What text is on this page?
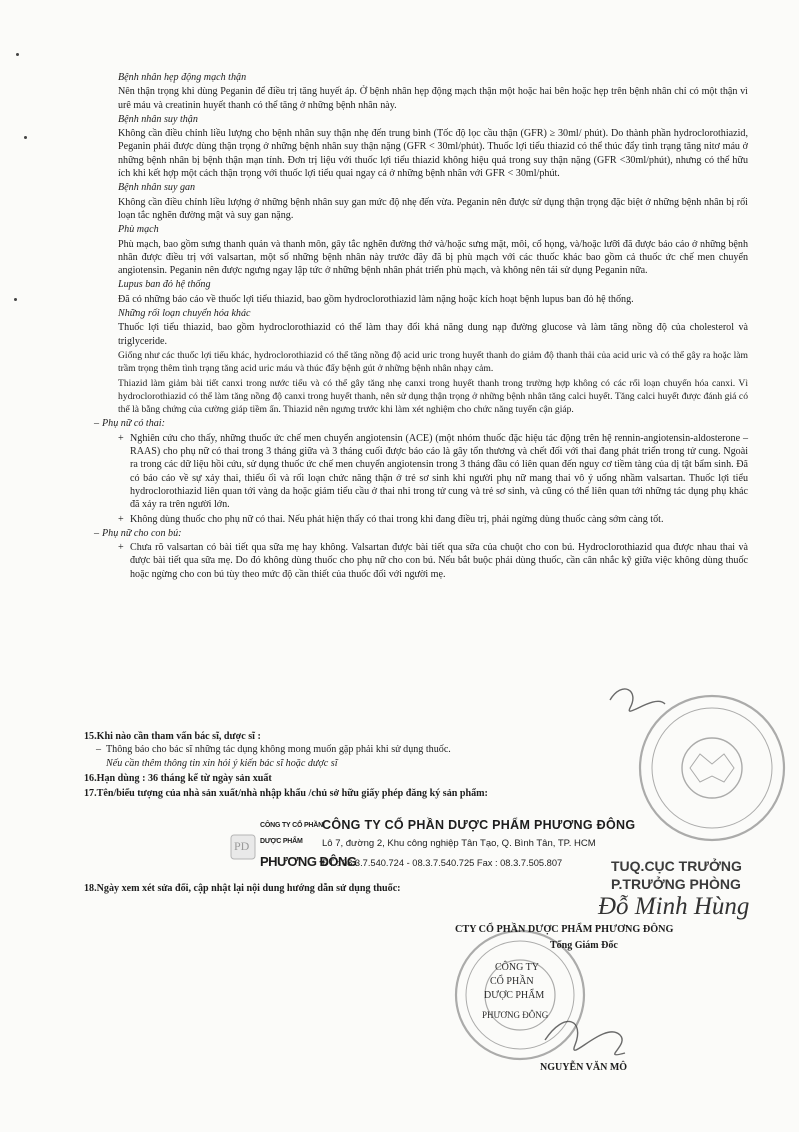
Bệnh nhân hẹp động mạch thận

Nên thận trọng khi dùng Peganin để điều trị tăng huyết áp. Ở bệnh nhân hẹp động mạch thận một hoặc hai bên hoặc hẹp trên bệnh nhân chỉ có một thận vì urê máu và creatinin huyết thanh có thể tăng ở những bệnh nhân này.

Bệnh nhân suy thận

Không cần điều chỉnh liều lượng cho bệnh nhân suy thận nhẹ đến trung bình (Tốc độ lọc cầu thận (GFR) ≥ 30ml/ phút). Do thành phần hydroclorothiazid, Peganin phải được dùng thận trọng ở những bệnh nhân suy thận nặng (GFR < 30ml/phút). Thuốc lợi tiểu thiazid có thể thúc đẩy tình trạng tăng nitơ máu ở những bệnh nhân bị bệnh thận mạn tính. Đơn trị liệu với thuốc lợi tiểu thiazid không hiệu quả trong suy thận nặng (GFR <30ml/phút), nhưng có thể hữu ích khi kết hợp một cách thận trọng với thuốc lợi tiểu quai ngay cả ở những bệnh nhân với GFR < 30ml/phút.

Bệnh nhân suy gan

Không cần điều chỉnh liều lượng ở những bệnh nhân suy gan mức độ nhẹ đến vừa. Peganin nên được sử dụng thận trọng đặc biệt ở những bệnh nhân bị rối loạn tắc nghẽn đường mật và suy gan nặng.

Phù mạch

Phù mạch, bao gồm sưng thanh quản và thanh môn, gây tắc nghẽn đường thở và/hoặc sưng mặt, môi, cổ họng, và/hoặc lưỡi đã được báo cáo ở những bệnh nhân được điều trị với valsartan, một số những bệnh nhân này trước đây đã bị phù mạch với các thuốc khác bao gồm cả thuốc ức chế men chuyển angiotensin. Peganin nên được ngưng ngay lập tức ở những bệnh nhân phát triển phù mạch, và không nên tái sử dụng Peganin nữa.

Lupus ban đỏ hệ thống

Đã có những báo cáo về thuốc lợi tiểu thiazid, bao gồm hydroclorothiazid làm nặng hoặc kích hoạt bệnh lupus ban đỏ hệ thống.

Những rối loạn chuyển hóa khác

Thuốc lợi tiểu thiazid, bao gồm hydroclorothiazid có thể làm thay đổi khả năng dung nạp đường glucose và làm tăng nồng độ của cholesterol và triglyceride.

Giống như các thuốc lợi tiểu khác, hydroclorothiazid có thể tăng nồng độ acid uric trong huyết thanh do giảm độ thanh thải của acid uric và có thể gây ra hoặc làm trầm trọng thêm tình trạng tăng acid uric máu và thúc đẩy bệnh gút ở những bệnh nhân nhạy cảm.

Thiazid làm giảm bài tiết canxi trong nước tiểu và có thể gây tăng nhẹ canxi trong huyết thanh trong trường hợp không có các rối loạn chuyển hóa canxi. Vì hydroclorothiazid có thể làm tăng nồng độ canxi trong huyết thanh, nên sử dụng thận trọng ở những bệnh nhân tăng calci huyết. Tăng calci huyết được đánh giá có thể là bằng chứng của cường giáp tiềm ẩn. Thiazid nên ngưng trước khi làm xét nghiệm cho chức năng tuyến cận giáp.

– Phụ nữ có thai:

+ Nghiên cứu cho thấy, những thuốc ức chế men chuyển angiotensin (ACE) (một nhóm thuốc đặc hiệu tác động trên hệ rennin-angiotensin-aldosterone – RAAS) cho phụ nữ có thai trong 3 tháng giữa và 3 tháng cuối được báo cáo là gây tổn thương và chết đối với thai đang phát triển trong tử cung. Ngoài ra trong các dữ liệu hồi cứu, sử dụng thuốc ức chế men chuyển angiotensin trong 3 tháng đầu có liên quan đến nguy cơ tiềm tàng của dị tật bẩm sinh. Đã có báo cáo về sự xảy thai, thiểu ối và rối loạn chức năng thận ở trẻ sơ sinh khi người phụ nữ mang thai vô ý uống nhầm valsartan. Thuốc lợi tiểu hydroclorothiazid liên quan tới vàng da hoặc giảm tiểu cầu ở thai nhi trong tử cung và trẻ sơ sinh, và cũng có thể liên quan tới những tác dụng phụ khác đã xảy ra trên người lớn.

+ Không dùng thuốc cho phụ nữ có thai. Nếu phát hiện thấy có thai trong khi đang điều trị, phải ngừng dùng thuốc càng sớm càng tốt.

– Phụ nữ cho con bú:

+ Chưa rõ valsartan có bài tiết qua sữa mẹ hay không. Valsartan được bài tiết qua sữa của chuột cho con bú. Hydroclorothiazid qua được nhau thai và được bài tiết qua sữa mẹ. Do đó không dùng thuốc cho phụ nữ cho con bú. Nếu bắt buộc phải dùng thuốc, cần cân nhắc kỹ giữa việc không dùng thuốc hoặc ngừng cho con bú tùy theo mức độ cần thiết của thuốc đối với người mẹ.

15.Khi nào cần tham vấn bác sĩ, dược sĩ :

– Thông báo cho bác sĩ những tác dụng không mong muốn gặp phải khi sử dụng thuốc.

Nếu cần thêm thông tin xin hỏi ý kiến bác sĩ hoặc dược sĩ

16.Hạn dùng : 36 tháng kể từ ngày sản xuất

17.Tên/biểu tượng của nhà sản xuất/nhà nhập khẩu /chủ sở hữu giấy phép đăng ký sản phẩm:

18.Ngày xem xét sửa đổi, cập nhật lại nội dung hướng dẫn sử dụng thuốc:

PD
CÔNG TY CỔ PHẦN
DƯỢC PHẨM
PHƯƠNG ĐÔNG
CÔNG TY CỔ PHẦN DƯỢC PHẨM PHƯƠNG ĐÔNG
Lô 7, đường 2, Khu công nghiệp Tân Tạo, Q. Bình Tân, TP. HCM
ĐT : 08.3.7.540.724 - 08.3.7.540.725 Fax : 08.3.7.505.807
CÔNG TY
CỔ PHẦN
DƯỢC PHẨM
PHƯƠNG ĐÔNG
TUQ.CỤC TRƯỞNG
P.TRƯỞNG PHÒNG
Đỗ Minh Hùng
CTY CỔ PHẦN DƯỢC PHẨM PHƯƠNG ĐÔNG
Tổng Giám Đốc
NGUYỄN VĂN MÔ
